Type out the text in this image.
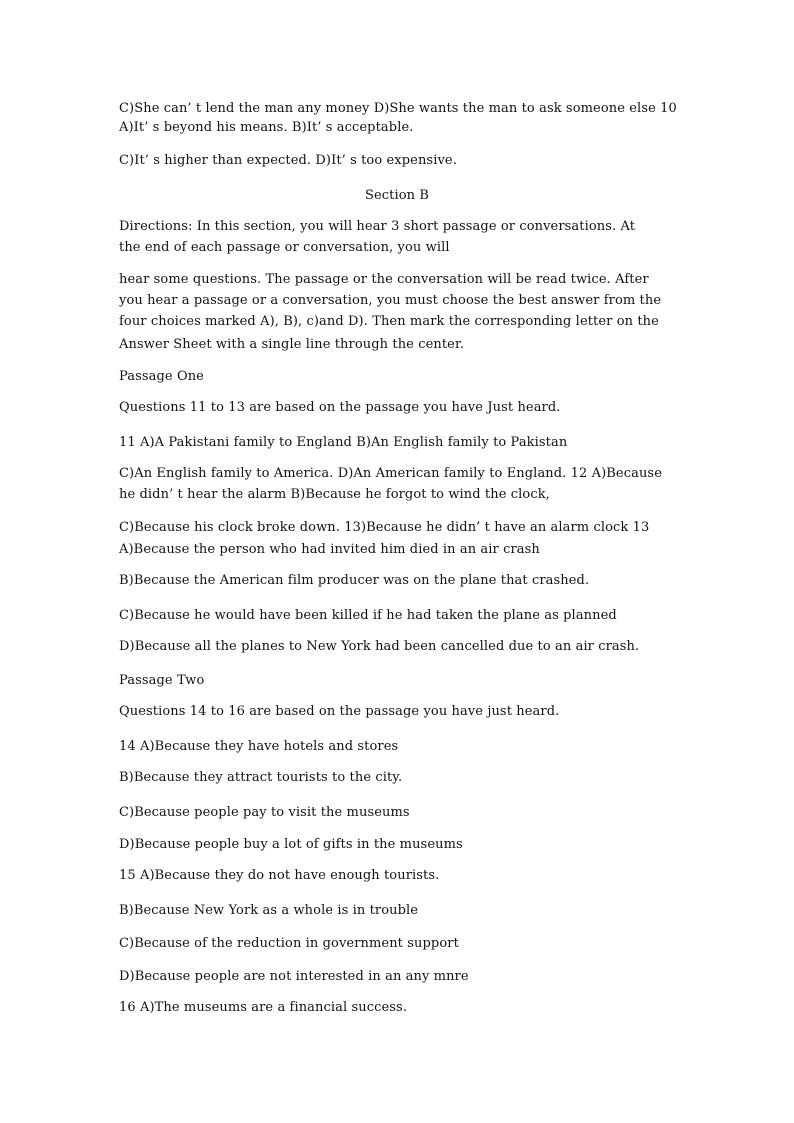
C)She can’ t lend the man any money D)She wants the man to ask someone else 10
A)It’ s beyond his means. B)It’ s acceptable.
C)It’ s higher than expected. D)It’ s too expensive.
Section B
Directions: In this section, you will hear 3 short passage or conversations. At
the end of each passage or conversation, you will
hear some questions. The passage or the conversation will be read twice. After
you hear a passage or a conversation, you must choose the best answer from the
four choices marked A), B), c)and D). Then mark the corresponding letter on the
Answer Sheet with a single line through the center.
Passage One
Questions 11 to 13 are based on the passage you have Just heard.
11 A)A Pakistani family to England B)An English family to Pakistan
C)An English family to America. D)An American family to England. 12 A)Because
he didn’ t hear the alarm B)Because he forgot to wind the clock,
C)Because his clock broke down. 13)Because he didn’ t have an alarm clock 13
A)Because the person who had invited him died in an air crash
B)Because the American film producer was on the plane that crashed.
C)Because he would have been killed if he had taken the plane as planned
D)Because all the planes to New York had been cancelled due to an air crash.
Passage Two
Questions 14 to 16 are based on the passage you have just heard.
14 A)Because they have hotels and stores
B)Because they attract tourists to the city.
C)Because people pay to visit the museums
D)Because people buy a lot of gifts in the museums
15 A)Because they do not have enough tourists.
B)Because New York as a whole is in trouble
C)Because of the reduction in government support
D)Because people are not interested in an any mnre
16 A)The museums are a financial success.
